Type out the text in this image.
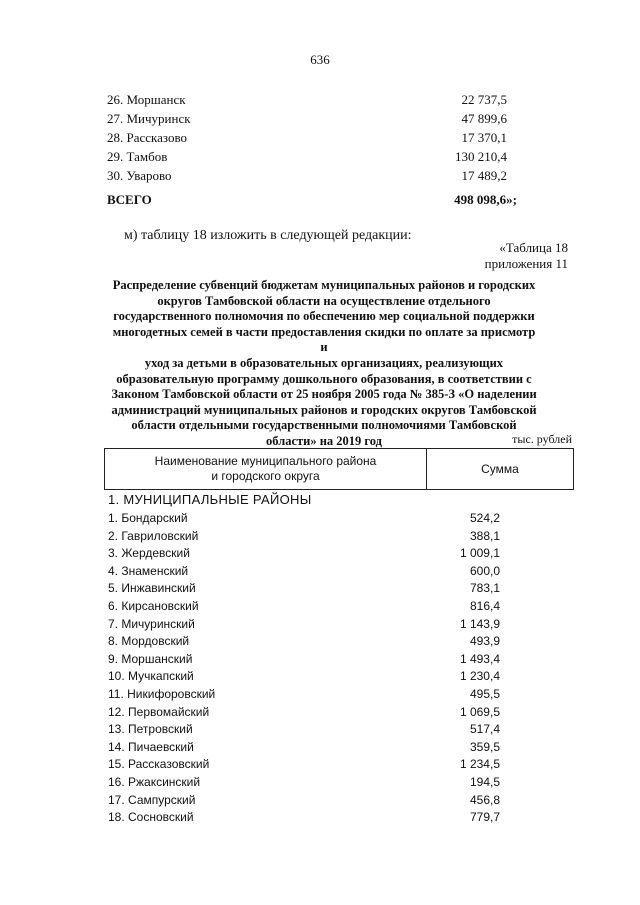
636
26. Моршанск	22 737,5
27. Мичуринск	47 899,6
28. Рассказово	17 370,1
29. Тамбов	130 210,4
30. Уварово	17 489,2
ВСЕГО	498 098,6»;
м) таблицу 18 изложить в следующей редакции:
«Таблица 18
приложения 11
Распределение субвенций бюджетам муниципальных районов и городских
округов Тамбовской области на осуществление отдельного
государственного полномочия по обеспечению мер социальной поддержки
многодетных семей в части предоставления скидки по оплате за присмотр и
уход за детьми в образовательных организациях, реализующих
образовательную программу дошкольного образования, в соответствии с
Законом Тамбовской области от 25 ноября 2005 года № 385-З «О наделении
администраций муниципальных районов и городских округов Тамбовской
области отдельными государственными полномочиями Тамбовской
области» на 2019 год	тыс. рублей
Наименование муниципального района
и городского округа	Сумма
1. МУНИЦИПАЛЬНЫЕ РАЙОНЫ
1. Бондарский	524,2
2. Гавриловский	388,1
3. Жердевский	1 009,1
4. Знаменский	600,0
5. Инжавинский	783,1
6. Кирсановский	816,4
7. Мичуринский	1 143,9
8. Мордовский	493,9
9. Моршанский	1 493,4
10. Мучкапский	1 230,4
11. Никифоровский	495,5
12. Первомайский	1 069,5
13. Петровский	517,4
14. Пичаевский	359,5
15. Рассказовский	1 234,5
16. Ржаксинский	194,5
17. Сампурский	456,8
18. Сосновский	779,7
